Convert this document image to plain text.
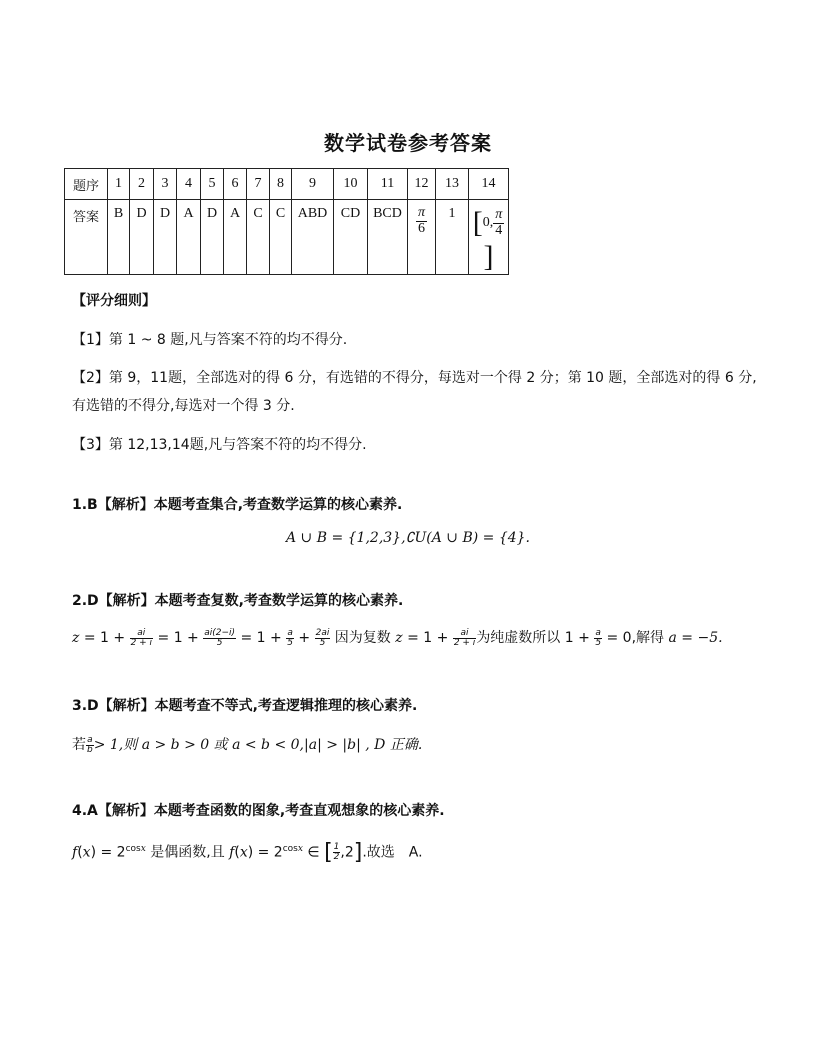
数学试卷参考答案
题序	1	2	3	4	5	6	7	8	9	10	11	12	13	14
答案	B	D	D	A	D	A	C	C	ABD	CD	BCD	$\frac{\pi}{6}$	1	[0, $\frac{\pi}{4}$
]
【评分细则】
【1】第 1 ~ 8 题,凡与答案不符的均不得分.
【2】第 9，11题，全部选对的得 6 分，有选错的不得分，每选对一个得 2 分；第 10 题，全部选对的得 6 分,
有选错的不得分,每选对一个得 3 分.
【3】第 12,13,14题,凡与答案不符的均不得分.
1.B【解析】本题考查集合,考查数学运算的核心素养.
A ∪ B = {1,2,3},∁U(A ∪ B) = {4}.
2.D【解析】本题考查复数,考查数学运算的核心素养.
$z = 1 + \frac{ai}{2 + i} = 1 + \frac{ai(2-i)}{5} = 1 + \frac{a}{5} + \frac{2ai}{5}$ 因为复数 $z = 1 + \frac{ai}{2 + i}$ 为纯虚数所以 $1 + \frac{a}{5} = 0$,解得 a = −5.
3.D【解析】本题考查不等式,考查逻辑推理的核心素养.
若 $\frac{a}{b} > 1$,则 a > b > 0 或 a < b < 0,|a| > |b| , D 正确.
4.A【解析】本题考查函数的图象,考查直观想象的核心素养.
$f(x) = 2^{cosx}$ 是偶函数,且 $f(x) = 2^{cosx}$ ∈ [ $\frac{1}{2} ,2$].故选　A.
